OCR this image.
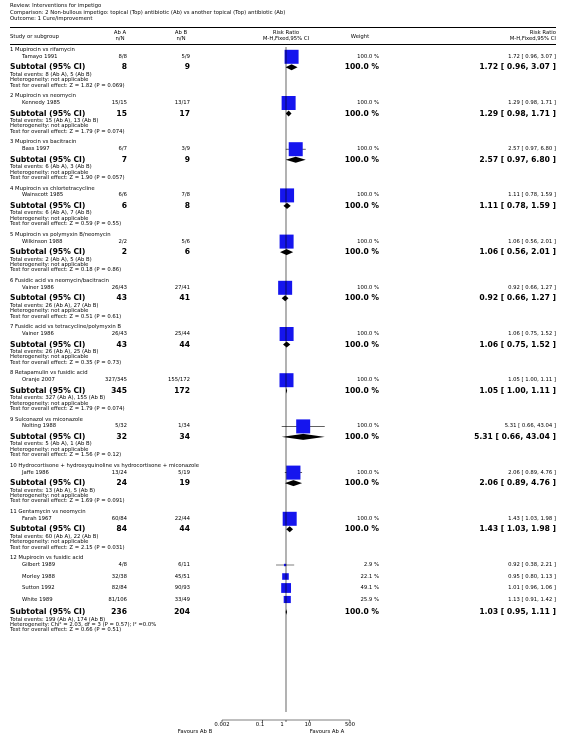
Review: Interventions for impetigo
Comparison: 2 Non-bullous impetigo: topical (Top) antibiotic (Ab) vs another topical (Top) antibiotic (Ab)
Outcome: 1 Cure/improvement
Study or subgroup
Ab A
n/N
Ab B
n/N
Risk Ratio
M-H,Fixed,95% CI	Weight
Risk Ratio
M-H,Fixed,95% CI
1 Mupirocin vs rifamycin
Tamayo 1991	8/8	5/9	100.0 %	1.72 [ 0.96, 3.07 ]
Subtotal (95% CI)	8	9	100.0 %	1.72 [ 0.96, 3.07 ]
Total events: 8 (Ab A), 5 (Ab B)
Heterogeneity: not applicable
Test for overall effect: Z = 1.82 (P = 0.069)
2 Mupirocin vs neomycin
Kennedy 1985	15/15	13/17	100.0 %	1.29 [ 0.98, 1.71 ]
Subtotal (95% CI)	15	17	100.0 %	1.29 [ 0.98, 1.71 ]
Total events: 15 (Ab A), 13 (Ab B)
Heterogeneity: not applicable
Test for overall effect: Z = 1.79 (P = 0.074)
3 Mupirocin vs bacitracin
Bass 1997	6/7	3/9	100.0 %	2.57 [ 0.97, 6.80 ]
Subtotal (95% CI)	7	9	100.0 %	2.57 [ 0.97, 6.80 ]
Total events: 6 (Ab A), 3 (Ab B)
Heterogeneity: not applicable
Test for overall effect: Z = 1.90 (P = 0.057)
4 Mupirocin vs chlortetracycline
Wainscott 1985	6/6	7/8	100.0 %	1.11 [ 0.78, 1.59 ]
Subtotal (95% CI)	6	8	100.0 %	1.11 [ 0.78, 1.59 ]
Total events: 6 (Ab A), 7 (Ab B)
Heterogeneity: not applicable
Test for overall effect: Z = 0.59 (P = 0.55)
5 Mupirocin vs polymyxin B/neomycin
Wilkinson 1988	2/2	5/6	100.0 %	1.06 [ 0.56, 2.01 ]
Subtotal (95% CI)	2	6	100.0 %	1.06 [ 0.56, 2.01 ]
Total events: 2 (Ab A), 5 (Ab B)
Heterogeneity: not applicable
Test for overall effect: Z = 0.18 (P = 0.86)
6 Fusidic acid vs neomycin/bacitracin
Vainer 1986	26/43	27/41	100.0 %	0.92 [ 0.66, 1.27 ]
Subtotal (95% CI)	43	41	100.0 %	0.92 [ 0.66, 1.27 ]
Total events: 26 (Ab A), 27 (Ab B)
Heterogeneity: not applicable
Test for overall effect: Z = 0.51 (P = 0.61)
7 Fusidic acid vs tetracycline/polymyxin B
Vainer 1986	26/43	25/44	100.0 %	1.06 [ 0.75, 1.52 ]
Subtotal (95% CI)	43	44	100.0 %	1.06 [ 0.75, 1.52 ]
Total events: 26 (Ab A), 25 (Ab B)
Heterogeneity: not applicable
Test for overall effect: Z = 0.35 (P = 0.73)
8 Retapamulin vs fusidic acid
Oranje 2007	327/345	155/172	100.0 %	1.05 [ 1.00, 1.11 ]
Subtotal (95% CI)	345	172	100.0 %	1.05 [ 1.00, 1.11 ]
Total events: 327 (Ab A), 155 (Ab B)
Heterogeneity: not applicable
Test for overall effect: Z = 1.79 (P = 0.074)
9 Sulconazol vs miconazole
Nolting 1988	5/32	1/34	100.0 %	5.31 [ 0.66, 43.04 ]
Subtotal (95% CI)	32	34	100.0 %	5.31 [ 0.66, 43.04 ]
Total events: 5 (Ab A), 1 (Ab B)
Heterogeneity: not applicable
Test for overall effect: Z = 1.56 (P = 0.12)
10 Hydrocortisone + hydroxyquinoline vs hydrocortisone + miconazole
Jaffe 1986	13/24	5/19	100.0 %	2.06 [ 0.89, 4.76 ]
Subtotal (95% CI)	24	19	100.0 %	2.06 [ 0.89, 4.76 ]
Total events: 13 (Ab A), 5 (Ab B)
Heterogeneity: not applicable
Test for overall effect: Z = 1.69 (P = 0.091)
11 Gentamycin vs neomycin
Farah 1967	60/84	22/44	100.0 %	1.43 [ 1.03, 1.98 ]
Subtotal (95% CI)	84	44	100.0 %	1.43 [ 1.03, 1.98 ]
Total events: 60 (Ab A), 22 (Ab B)
Heterogeneity: not applicable
Test for overall effect: Z = 2.15 (P = 0.031)
12 Mupirocin vs fusidic acid
Gilbert 1989	4/8	6/11	2.9 %	0.92 [ 0.38, 2.21 ]
Morley 1988	32/38	45/51	22.1 %	0.95 [ 0.80, 1.13 ]
Sutton 1992	82/84	90/93	49.1 %	1.01 [ 0.96, 1.06 ]
White 1989	81/106	33/49	25.9 %	1.13 [ 0.91, 1.42 ]
Subtotal (95% CI)	236	204	100.0 %	1.03 [ 0.95, 1.11 ]
Total events: 199 (Ab A), 174 (Ab B)
Heterogeneity: Chi² = 2.03, df = 3 (P = 0.57); I² =0.0%
Test for overall effect: Z = 0.66 (P = 0.51)
0.002	0.1	1	10	500
Favours Ab B	Favours Ab A
